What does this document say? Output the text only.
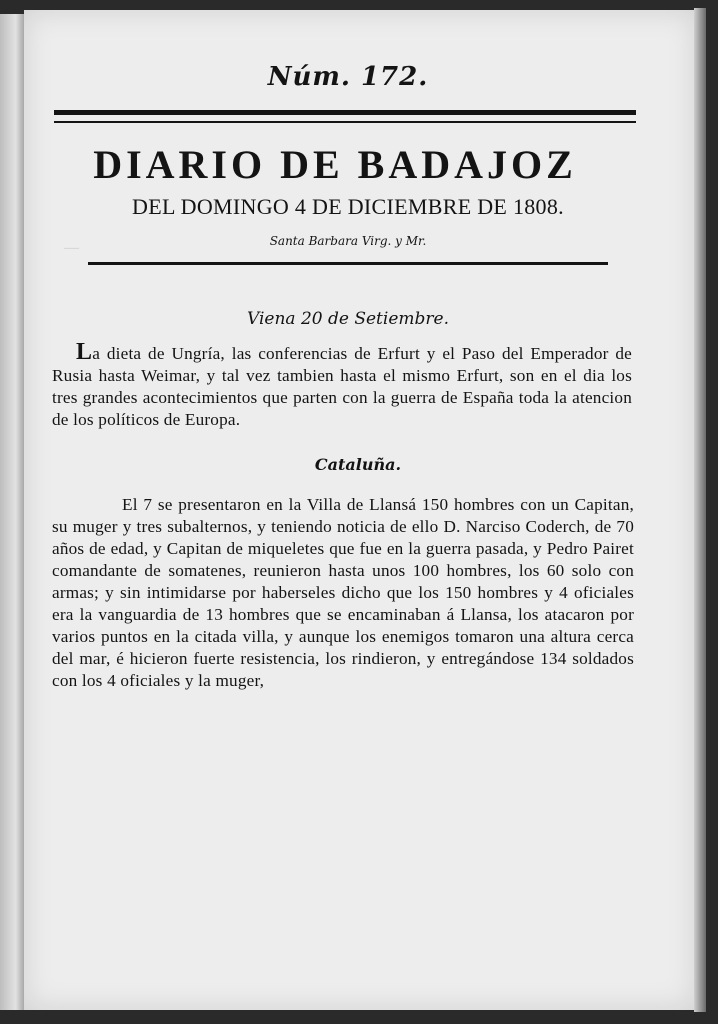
—
Núm. 172.
DIARIO DE BADAJOZ
DEL DOMINGO 4 DE DICIEMBRE DE 1808.
Santa Barbara Virg. y Mr.
Viena 20 de Setiembre.

La dieta de Ungría, las conferencias de Erfurt y el Paso del Emperador de Rusia hasta Weimar, y tal vez tambien hasta el mismo Erfurt, son en el dia los tres grandes acontecimientos que parten con la guerra de España toda la atencion de los políticos de Europa.

Cataluña.

El 7 se presentaron en la Villa de Llansá 150 hombres con un Capitan, su muger y tres subalternos, y teniendo noticia de ello D. Narciso Coderch, de 70 años de edad, y Capitan de miqueletes que fue en la guerra pasada, y Pedro Pairet comandante de somatenes, reunieron hasta unos 100 hombres, los 60 solo con armas; y sin intimidarse por haberseles dicho que los 150 hombres y 4 oficiales era la vanguardia de 13 hombres que se encaminaban á Llansa, los atacaron por varios puntos en la citada villa, y aunque los enemigos tomaron una altura cerca del mar, é hicieron fuerte resistencia, los rindieron, y entregándose 134 soldados con los 4 oficiales y la muger,
